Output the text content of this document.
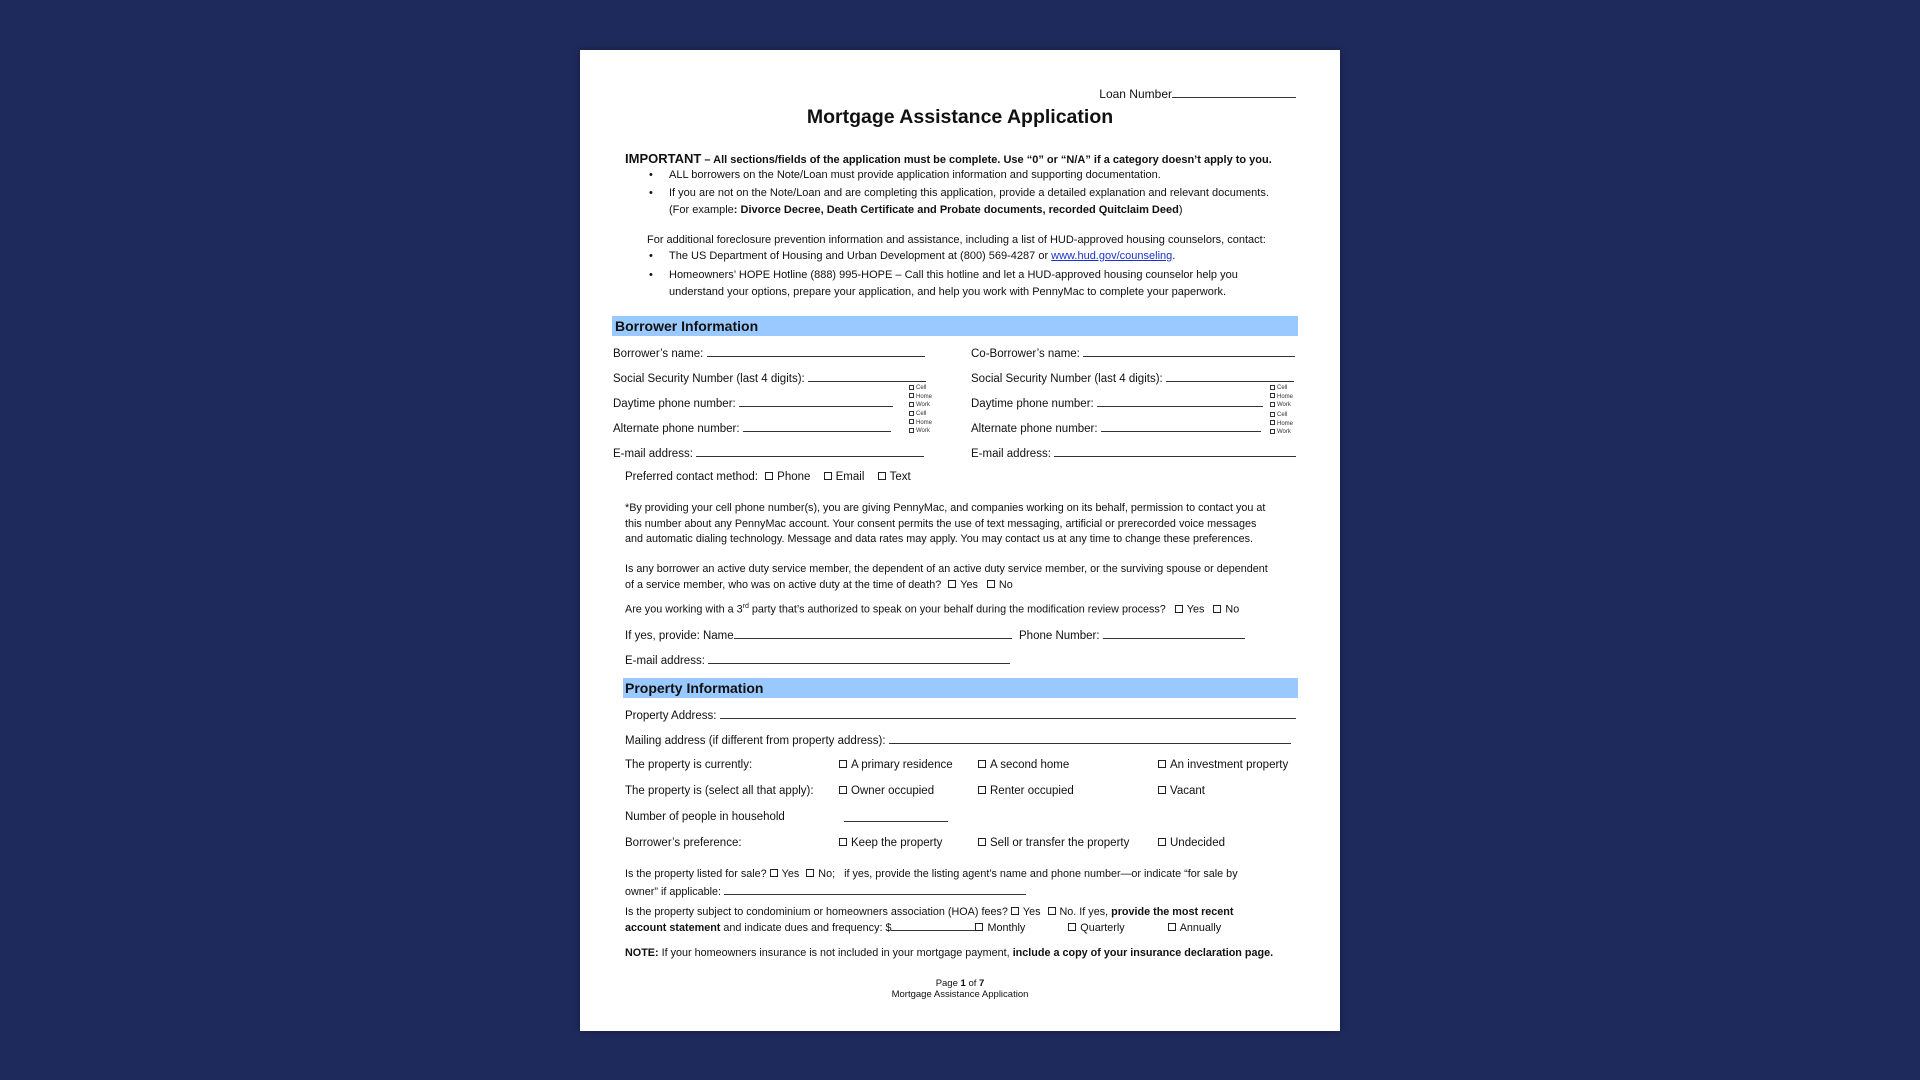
Loan Number
Mortgage Assistance Application
IMPORTANT – All sections/fields of the application must be complete. Use “0” or “N/A” if a category doesn’t apply to you.
• ALL borrowers on the Note/Loan must provide application information and supporting documentation.
• If you are not on the Note/Loan and are completing this application, provide a detailed explanation and relevant documents.
(For example: Divorce Decree, Death Certificate and Probate documents, recorded Quitclaim Deed)
For additional foreclosure prevention information and assistance, including a list of HUD-approved housing counselors, contact:
• The US Department of Housing and Urban Development at (800) 569-4287 or www.hud.gov/counseling.
• Homeowners’ HOPE Hotline (888) 995-HOPE – Call this hotline and let a HUD-approved housing counselor help you
understand your options, prepare your application, and help you work with PennyMac to complete your paperwork.
Borrower Information
Borrower’s name:
Social Security Number (last 4 digits):
Daytime phone number:
Alternate phone number:
E-mail address:
Cell
Home
Work
Cell
Home
Work
Co-Borrower’s name:
Social Security Number (last 4 digits):
Daytime phone number:
Alternate phone number:
E-mail address:
Cell
Home
Work
Cell
Home
Work
Preferred contact method: Phone Email Text
*By providing your cell phone number(s), you are giving PennyMac, and companies working on its behalf, permission to contact you at
this number about any PennyMac account. Your consent permits the use of text messaging, artificial or prerecorded voice messages
and automatic dialing technology. Message and data rates may apply. You may contact us at any time to change these preferences.
Is any borrower an active duty service member, the dependent of an active duty service member, or the surviving spouse or dependent
of a service member, who was on active duty at the time of death? Yes No
Are you working with a 3rd party that’s authorized to speak on your behalf during the modification review process? Yes No
If yes, provide: Name	Phone Number:
E-mail address:
Property Information
Property Address:
Mailing address (if different from property address):
The property is currently:	A primary residence	A second home	An investment property
The property is (select all that apply):	Owner occupied	Renter occupied	Vacant
Number of people in household
Borrower’s preference:	Keep the property	Sell or transfer the property	Undecided
Is the property listed for sale? Yes No; if yes, provide the listing agent’s name and phone number—or indicate “for sale by
owner” if applicable:
Is the property subject to condominium or homeowners association (HOA) fees? Yes No. If yes, provide the most recent
account statement and indicate dues and frequency: $	Monthly	Quarterly	Annually
NOTE: If your homeowners insurance is not included in your mortgage payment, include a copy of your insurance declaration page.
Page 1 of 7
Mortgage Assistance Application
